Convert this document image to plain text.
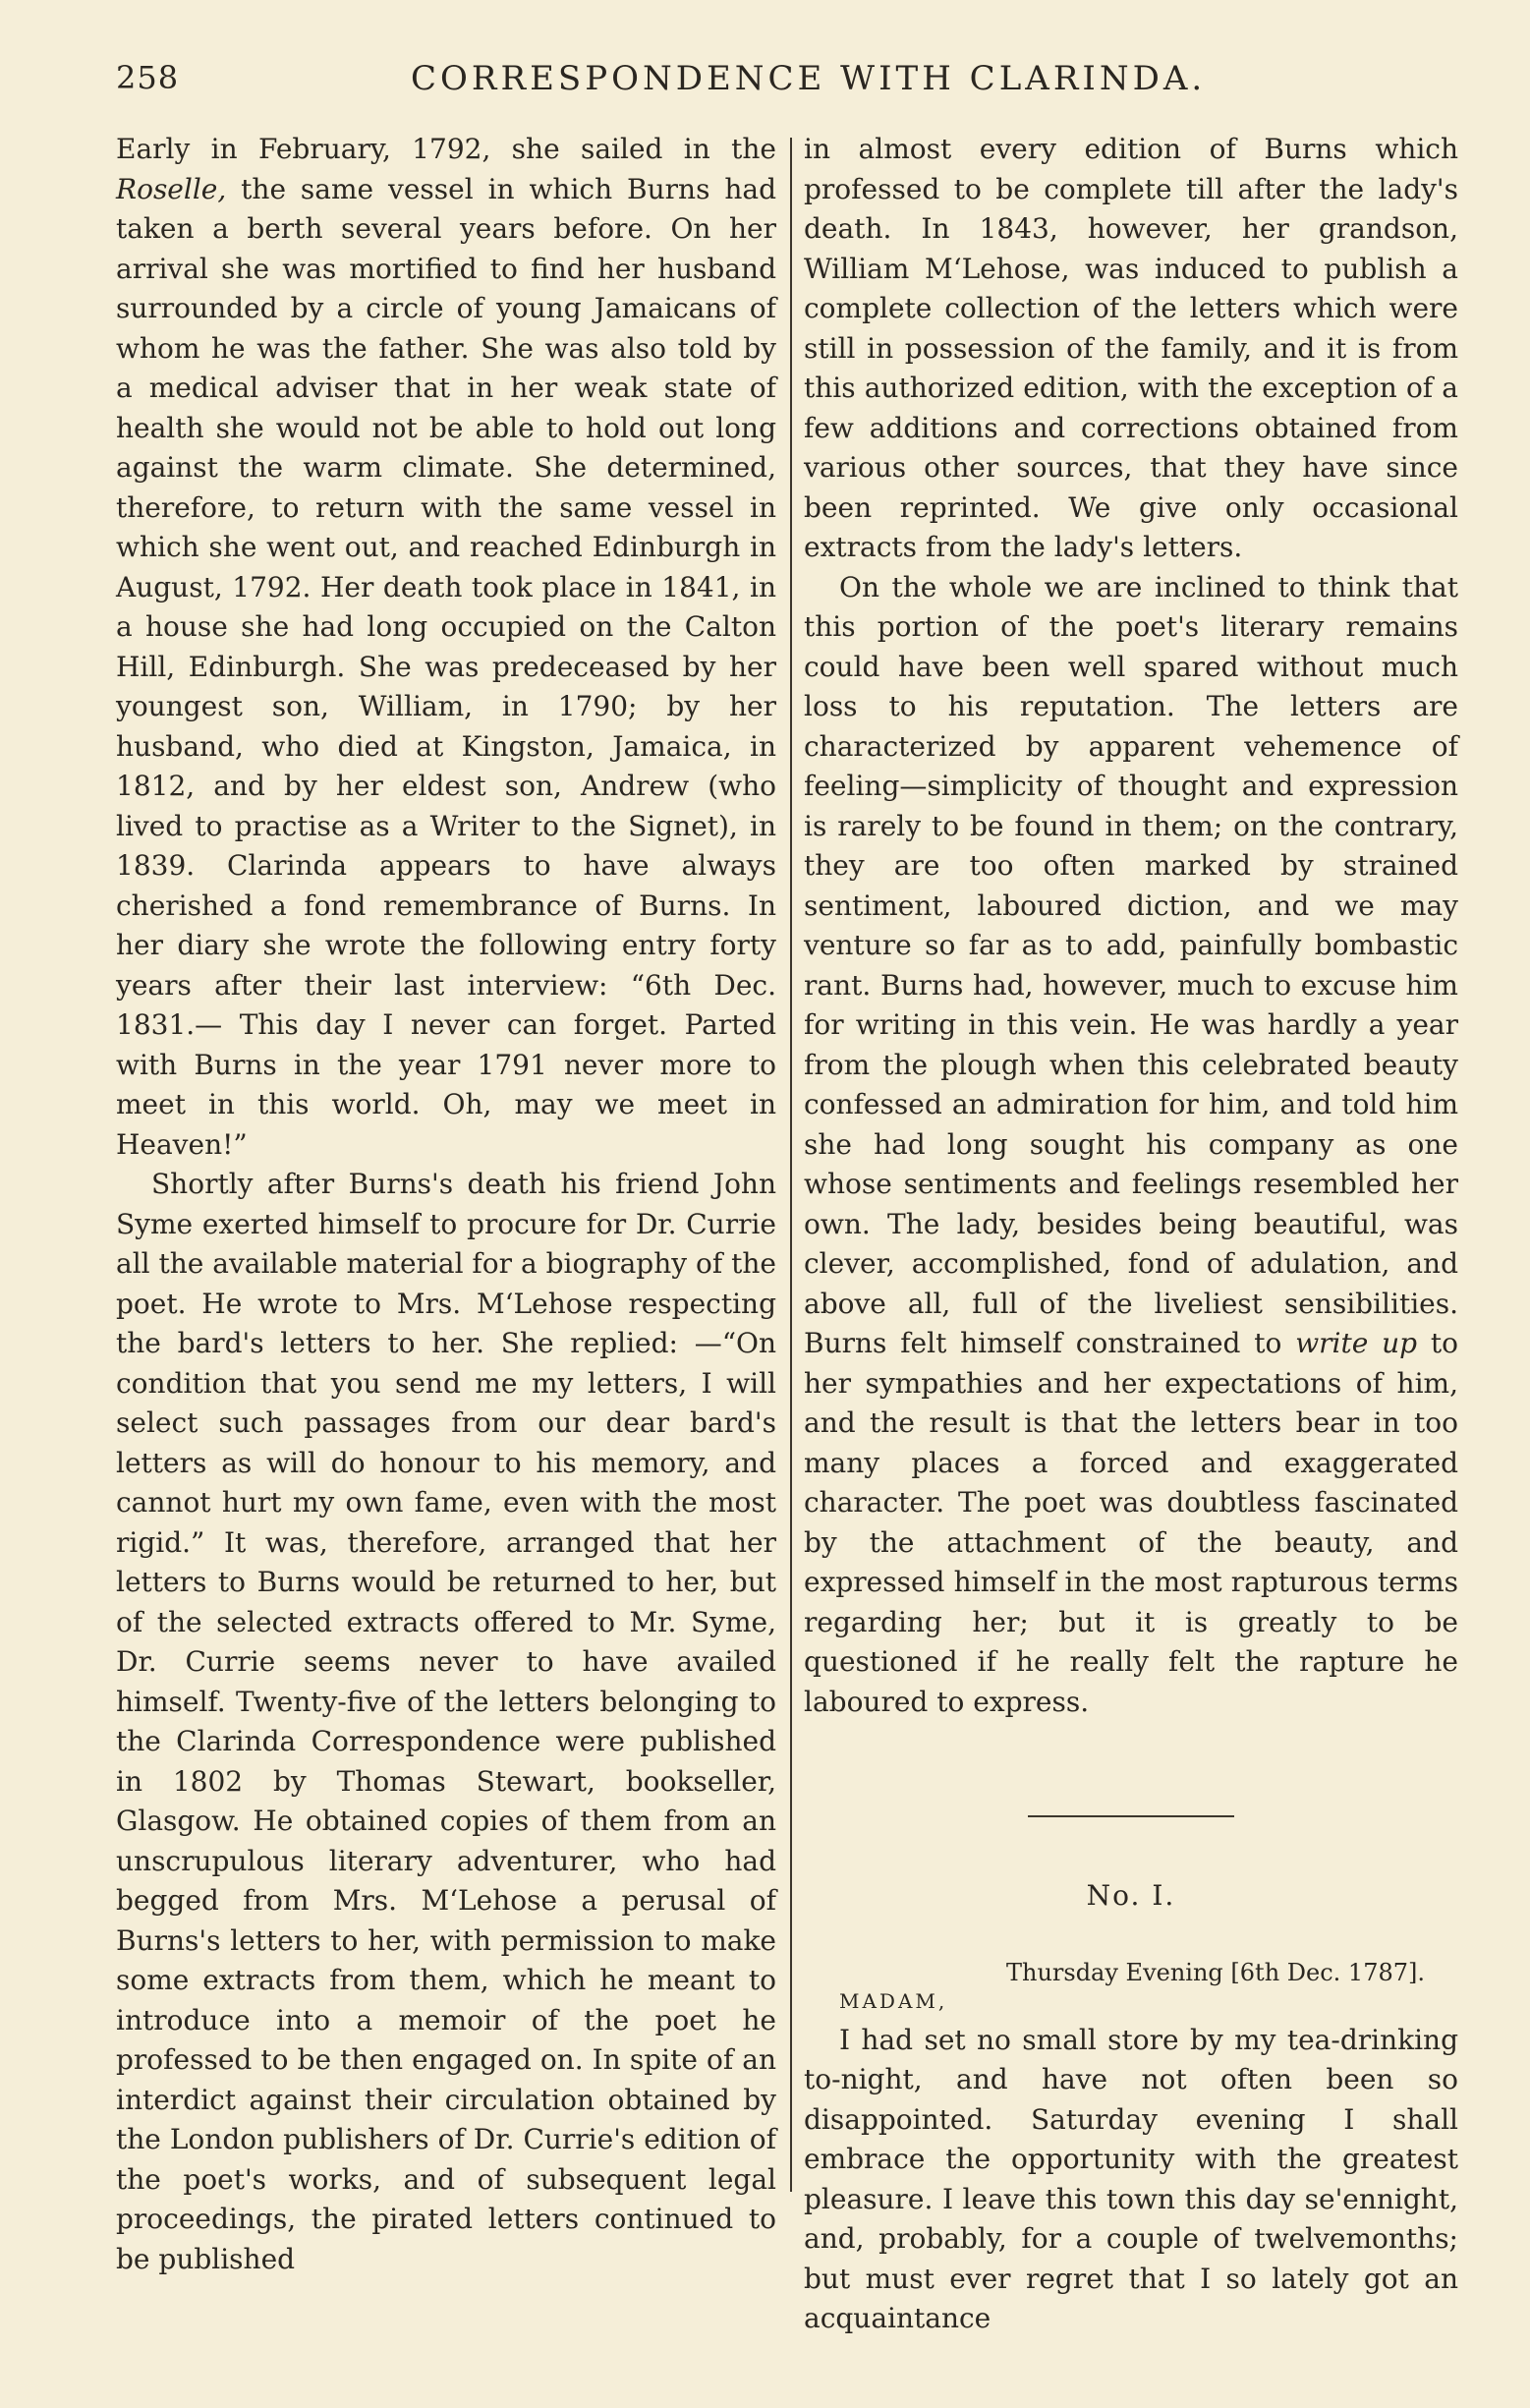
258	CORRESPONDENCE WITH CLARINDA.

Early in February, 1792, she sailed in the Roselle, the same vessel in which Burns had taken a berth several years before. On her arrival she was mortified to find her husband surrounded by a circle of young Jamaicans of whom he was the father. She was also told by a medical adviser that in her weak state of health she would not be able to hold out long against the warm climate. She determined, therefore, to return with the same vessel in which she went out, and reached Edinburgh in August, 1792. Her death took place in 1841, in a house she had long occupied on the Calton Hill, Edinburgh. She was predeceased by her youngest son, William, in 1790; by her husband, who died at Kingston, Jamaica, in 1812, and by her eldest son, Andrew (who lived to practise as a Writer to the Signet), in 1839. Clarinda appears to have always cherished a fond remembrance of Burns. In her diary she wrote the following entry forty years after their last interview: “6th Dec. 1831.— This day I never can forget. Parted with Burns in the year 1791 never more to meet in this world. Oh, may we meet in Heaven!”

Shortly after Burns's death his friend John Syme exerted himself to procure for Dr. Currie all the available material for a biography of the poet. He wrote to Mrs. M‘Lehose respecting the bard's letters to her. She replied: —“On condition that you send me my letters, I will select such passages from our dear bard's letters as will do honour to his memory, and cannot hurt my own fame, even with the most rigid.” It was, therefore, arranged that her letters to Burns would be returned to her, but of the selected extracts offered to Mr. Syme, Dr. Currie seems never to have availed himself. Twenty-five of the letters belonging to the Clarinda Correspondence were published in 1802 by Thomas Stewart, bookseller, Glasgow. He obtained copies of them from an unscrupulous literary adventurer, who had begged from Mrs. M‘Lehose a perusal of Burns's letters to her, with permission to make some extracts from them, which he meant to introduce into a memoir of the poet he professed to be then engaged on. In spite of an interdict against their circulation obtained by the London publishers of Dr. Currie's edition of the poet's works, and of subsequent legal proceedings, the pirated letters continued to be published

in almost every edition of Burns which professed to be complete till after the lady's death. In 1843, however, her grandson, William M‘Lehose, was induced to publish a complete collection of the letters which were still in possession of the family, and it is from this authorized edition, with the exception of a few additions and corrections obtained from various other sources, that they have since been reprinted. We give only occasional extracts from the lady's letters.

On the whole we are inclined to think that this portion of the poet's literary remains could have been well spared without much loss to his reputation. The letters are characterized by apparent vehemence of feeling—simplicity of thought and expression is rarely to be found in them; on the contrary, they are too often marked by strained sentiment, laboured diction, and we may venture so far as to add, painfully bombastic rant. Burns had, however, much to excuse him for writing in this vein. He was hardly a year from the plough when this celebrated beauty confessed an admiration for him, and told him she had long sought his company as one whose sentiments and feelings resembled her own. The lady, besides being beautiful, was clever, accomplished, fond of adulation, and above all, full of the liveliest sensibilities. Burns felt himself constrained to write up to her sympathies and her expectations of him, and the result is that the letters bear in too many places a forced and exaggerated character. The poet was doubtless fascinated by the attachment of the beauty, and expressed himself in the most rapturous terms regarding her; but it is greatly to be questioned if he really felt the rapture he laboured to express.

No. I.
Thursday Evening [6th Dec. 1787].
MADAM,

I had set no small store by my tea-drinking to-night, and have not often been so disappointed. Saturday evening I shall embrace the opportunity with the greatest pleasure. I leave this town this day se'ennight, and, probably, for a couple of twelvemonths; but must ever regret that I so lately got an acquaintance
